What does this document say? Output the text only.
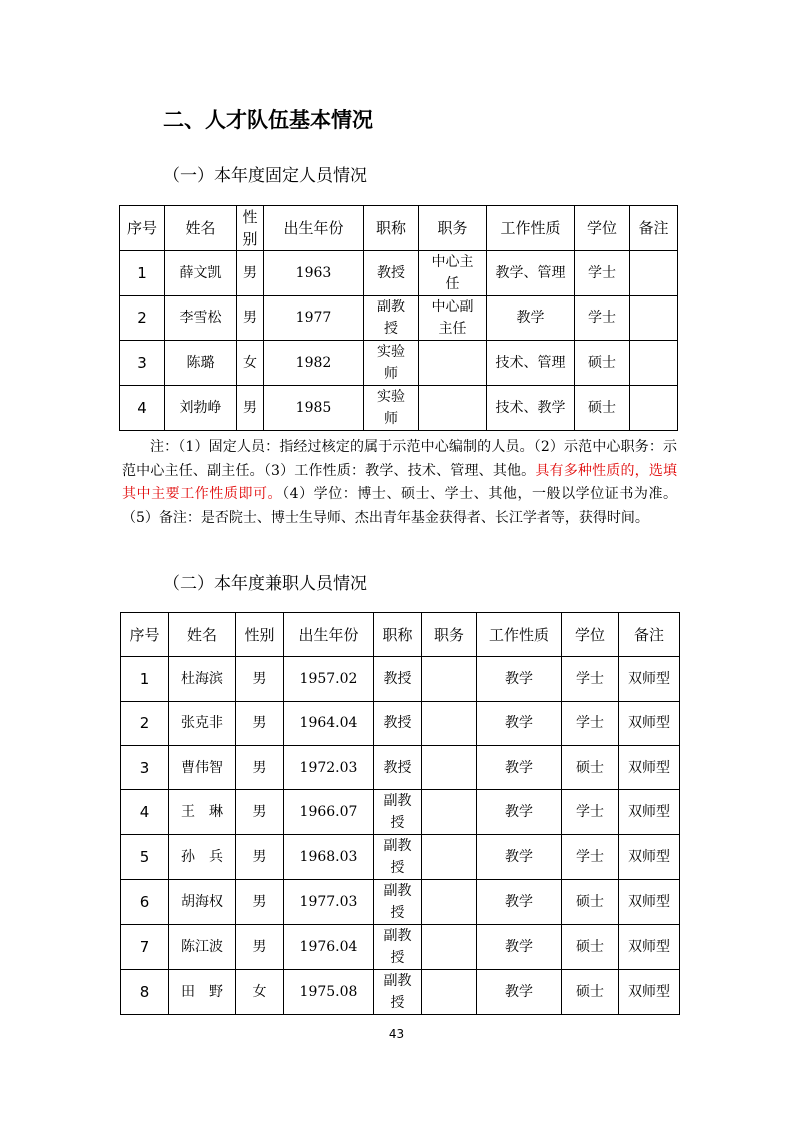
二、人才队伍基本情况
（一）本年度固定人员情况
序号	姓名	性别	出生年份	职称	职务	工作性质	学位	备注
1	薛文凯	男	1963	教授	中心主任	教学、管理	学士	
2	李雪松	男	1977	副教授	中心副主任	教学	学士	
3	陈璐	女	1982	实验师		技术、管理	硕士	
4	刘勃峥	男	1985	实验师		技术、教学	硕士	

注：（1）固定人员：指经过核定的属于示范中心编制的人员。（2）示范中心职务：示范中心主任、副主任。（3）工作性质：教学、技术、管理、其他。具有多种性质的，选填其中主要工作性质即可。（4）学位：博士、硕士、学士、其他，一般以学位证书为准。（5）备注：是否院士、博士生导师、杰出青年基金获得者、长江学者等，获得时间。

（二）本年度兼职人员情况
序号	姓名	性别	出生年份	职称	职务	工作性质	学位	备注
1	杜海滨	男	1957.02	教授		教学	学士	双师型
2	张克非	男	1964.04	教授		教学	学士	双师型
3	曹伟智	男	1972.03	教授		教学	硕士	双师型
4	王　琳	男	1966.07	副教授		教学	学士	双师型
5	孙　兵	男	1968.03	副教授		教学	学士	双师型
6	胡海权	男	1977.03	副教授		教学	硕士	双师型
7	陈江波	男	1976.04	副教授		教学	硕士	双师型
8	田　野	女	1975.08	副教授		教学	硕士	双师型
43
